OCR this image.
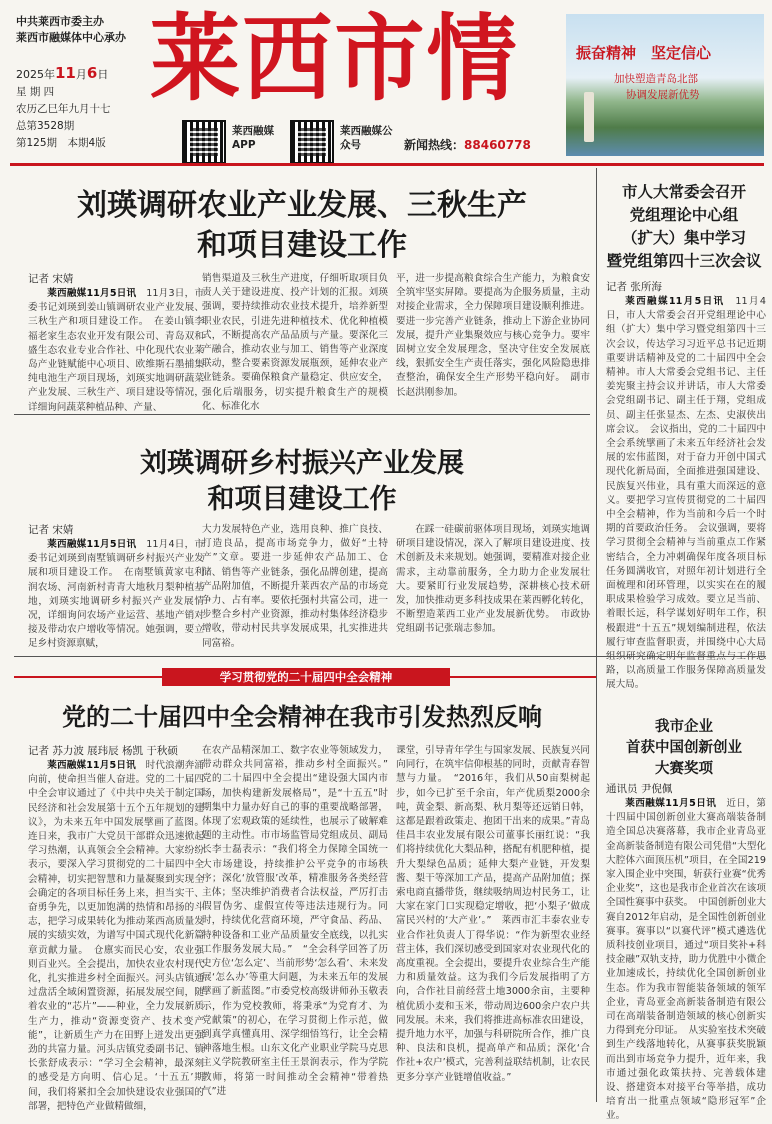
中共莱西市委主办
莱西市融媒体中心承办
2025年11月6日
星 期 四
农历乙巳年九月十七
总第3528期
第125期　本期4版
莱西市情
莱西融媒APP
莱西融媒公众号	新闻热线：88460778
振奋精神　坚定信心
加快塑造青岛北部
协调发展新优势
刘瑛调研农业产业发展、三秋生产
和项目建设工作
记者 宋婧

莱西融媒11月5日讯　 11月3日，市委书记刘瑛到姜山镇调研农业产业发展、三秋生产和项目建设工作。　在姜山镇李福老家生态农业开发有限公司、青岛双和盛生态农业专业合作社、中化现代农业莱岛产业链赋能中心项目、欧维斯石墨捕集纯电池生产项目现场，刘瑛实地调研蔬菜产业发展、三秋生产、项目建设等情况，详细询问蔬菜种植品种、产量、

销售渠道及三秋生产进度，仔细听取项目负责人关于建设进度、投产计划的汇报。刘瑛强调，要持续推动农业技术提升，培养新型职业农民，引进先进种植技术、优化种植模式，不断提高农产品品质与产量。要深化三产融合，推动农业与加工、销售等产业深度联动，整合要素资源发展瓶颈，延伸农业产业链条。要确保粮食产量稳定、供应安全，强化后端服务，切实提升粮食生产的规模化、标准化水

平，进一步提高粮食综合生产能力，为粮食安全筑牢坚实屏障。要提高为企服务质量，主动对接企业需求，全力保障项目建设顺利推进。要进一步完善产业链条，推动上下游企业协同发展，提升产业集聚效应与核心竞争力。要牢固树立安全发展理念，坚决守住安全发展底线，狠抓安全生产责任落实，强化风险隐患排查整治，确保安全生产形势平稳向好。　副市长赵洪刚参加。

刘瑛调研乡村振兴产业发展
和项目建设工作
记者 宋婧

莱西融媒11月5日讯　 11月4日，市委书记刘瑛到南墅镇调研乡村振兴产业发展和项目建设工作。　在南墅镇黄家屯利润农场、河南新村青青大地秋月梨种植基地，刘瑛实地调研乡村振兴产业发展情况，详细询问农场产业运营、基地产销对接及带动农户增收等情况。她强调，要立足乡村资源禀赋，

大力发展特色产业，选用良种、推广良技、打造良品，提高市场竞争力，做好“土特产”文章。要进一步延伸农产品加工、仓储、销售等产业链条，强化品牌创建，提高产品附加值，不断提升莱西农产品的市场竞争力、占有率。要依托强村共富公司，进一步整合乡村产业资源，推动村集体经济稳步增收，带动村民共享发展成果，扎实推进共同富裕。

在踩一硅碳前驱体项目现场，刘瑛实地调研项目建设情况，深入了解项目建设进度、技术创新及未来规划。她强调，要精准对接企业需求，主动靠前服务，全力助力企业发展壮大。要紧盯行业发展趋势，深耕核心技术研发，加快推动更多科技成果在莱西孵化转化，不断塑造莱西工业产业发展新优势。　市政协党组副书记张瑞志参加。

市人大常委会召开
党组理论中心组
（扩大）集中学习
暨党组第四十三次会议
记者 张所海

莱西融媒11月5日讯　 11月4日，市人大常委会召开党组理论中心组（扩大）集中学习暨党组第四十三次会议，传达学习习近平总书记近期重要讲话精神及党的二十届四中全会精神。市人大常委会党组书记、主任姜宪聚主持会议并讲话，市人大常委会党组副书记、副主任于翔，党组成员、副主任张显杰、左杰、史淑侠出席会议。　会议指出，党的二十届四中全会系统擘画了未来五年经济社会发展的宏伟蓝图，对于奋力开创中国式现代化新局面，全面推进强国建设、民族复兴伟业，具有重大而深远的意义。要把学习宣传贯彻党的二十届四中全会精神，作为当前和今后一个时期的首要政治任务。　会议强调，要将学习贯彻全会精神与当前重点工作紧密结合，全力冲刺确保年度各项目标任务圆满收官，对照年初计划进行全面梳理和闭环管理，以实实在在的履职成果检验学习成效。要立足当前、着眼长远，科学谋划好明年工作，积极跟进“十五五”规划编制进程，依法履行审查监督职责，并围绕中心大局 路，以高质量工作服务保障高质量发展大局。

学习贯彻党的二十届四中全会精神
党的二十届四中全会精神在我市引发热烈反响
记者 苏力波 展玮辰 杨凯 于秋硕

莱西融媒11月5日讯　 时代浪潮奔涌向前，使命担当催人奋进。党的二十届四中全会审议通过了《中共中央关于制定国民经济和社会发展第十五个五年规划的建议》，为未来五年中国发展擘画了蓝图。连日来，我市广大党员干部群众迅速掀起学习热潮，认真领会全会精神。大家纷纷表示，要深入学习贯彻党的二十届四中全会精神，切实把智慧和力量凝聚到实现全会确定的各项目标任务上来，担当实干、奋勇争先，以更加饱满的热情和昂扬的斗志，把学习成果转化为推动莱西高质量发展的实绩实效，为谱写中国式现代化新篇章贡献力量。　仓廪实而民心安，农业强则百业兴。全会提出，加快农业农村现代化，扎实推进乡村全面振兴。河头店镇通过盘活全域闲置资源，拓展发展空间，随着农业的“芯片”——种业，全力发展新质生产力，推动“资源变资产、技术变产能”，让新质生产力在田野上迸发出更强劲的共富力量。河头店镇党委副书记、镇长张舒成表示：“学习全会精神，最深刻的感受是方向明、信心足。‘十五五’期间，我们将紧扣全会加快建设农业强国的部署，把特色产业做精做细，

在农产品精深加工、数字农业等领域发力，带动群众共同富裕，推动乡村全面振兴。”　党的二十届四中全会提出“建设强大国内市场，加快构建新发展格局”，是“十五五”时期集中力量办好自己的事的重要战略部署，体现了宏观政策的延续性，也展示了破解难题的主动性。市市场监管局党组成员、副局长李士磊表示：“我们将全力保障全国统一大市场建设，持续推护公平竞争的市场秩序；深化‘放管服’改革，精准服务各类经营主体；坚决维护消费者合法权益，严厉打击假冒伪劣、虚假宣传等违法违规行为。同时，持续优化营商环境，严守食品、药品、特种设备和工业产品质量安全底线，以扎实工作服务发展大局。”　“全会科学回答了历史方位‘怎么定’、当前形势‘怎么看’、未来发展‘怎么办’等重大问题，为未来五年的发展擘画了新蓝图。”市委党校高级讲师孙玉敬表示，作为党校教师，将秉承“为党育才、为党献策”的初心，在学习贯彻上作示范，做到真学真懂真用、深学细悟笃行，让全会精神落地生根。山东文化产业职业学院马克思主义学院教研室主任王景润表示，作为学院教师，将第一时间推动全会精神“带着热气”进

课堂，引导青年学生与国家发展、民族复兴同向同行，在筑牢信仰根基的同时，贡献青春智慧与力量。　“2016年，我们从50亩梨树起步，如今已扩至千余亩，年产优质梨2000余吨，黄金梨、新高梨、秋月梨等还远销日韩，这都是跟着政策走、抱团干出来的成果。”青岛佳昌丰农业发展有限公司董事长丽红说：“我们将持续优化大梨品种，搭配有机肥种植，提升大梨绿色品质；延伸大梨产业链，开发梨酱、梨干等深加工产品，提高产品附加值；探索电商直播带货，继续吸纳周边村民务工，让大家在家门口实现稳定增收，把‘小梨子’做成富民兴村的‘大产业’。”　莱西市汇丰泰农业专业合作社负责人丁得华说：“作为新型农业经营主体，我们深切感受到国家对农业现代化的高度重视。全会提出，要提升农业综合生产能力和质量效益。这为我们今后发展指明了方向，合作社目前经营土地3000余亩，主要种植优质小麦和玉米，带动周边600余户农户共同发展。未来，我们将推进高标准农田建设，提升地力水平，加强与科研院所合作，推广良种、良法和良机，提高单产和品质；深化‘合作社+农户’模式，完善利益联结机制，让农民更多分享产业链增值收益。”

我市企业
首获中国创新创业
大赛奖项
通讯员 尹倪佩

莱西融媒11月5日讯　 近日，第十四届中国创新创业大赛高端装备制造全国总决赛落幕，我市企业青岛亚金高新装备制造有限公司凭借“大型化大腔体六面顶压机”项目，在全国219家入围企业中突围，斩获行业赛“优秀企业奖”，这也是我市企业首次在该项全国性赛事中获奖。　中国创新创业大赛自2012年启动，是全国性创新创业赛事。赛事以“以赛代评”模式遴选优质科技创业项目，通过“项目奖补+科技金融”双轨支持，助力优胜中小微企业加速成长，持续优化全国创新创业生态。作为我市智能装备领域的领军企业，青岛亚金高新装备制造有限公司在高端装备制造领域的核心创新实力得到充分印证。　从实验室技术突破到生产线落地转化，从赛事获奖脱颖而出到市场竞争力提升，近年来，我市通过强化政策扶持、完善载体建设、搭建资本对接平台等举措，成功培育出一批重点领域“隐形冠军”企业。
